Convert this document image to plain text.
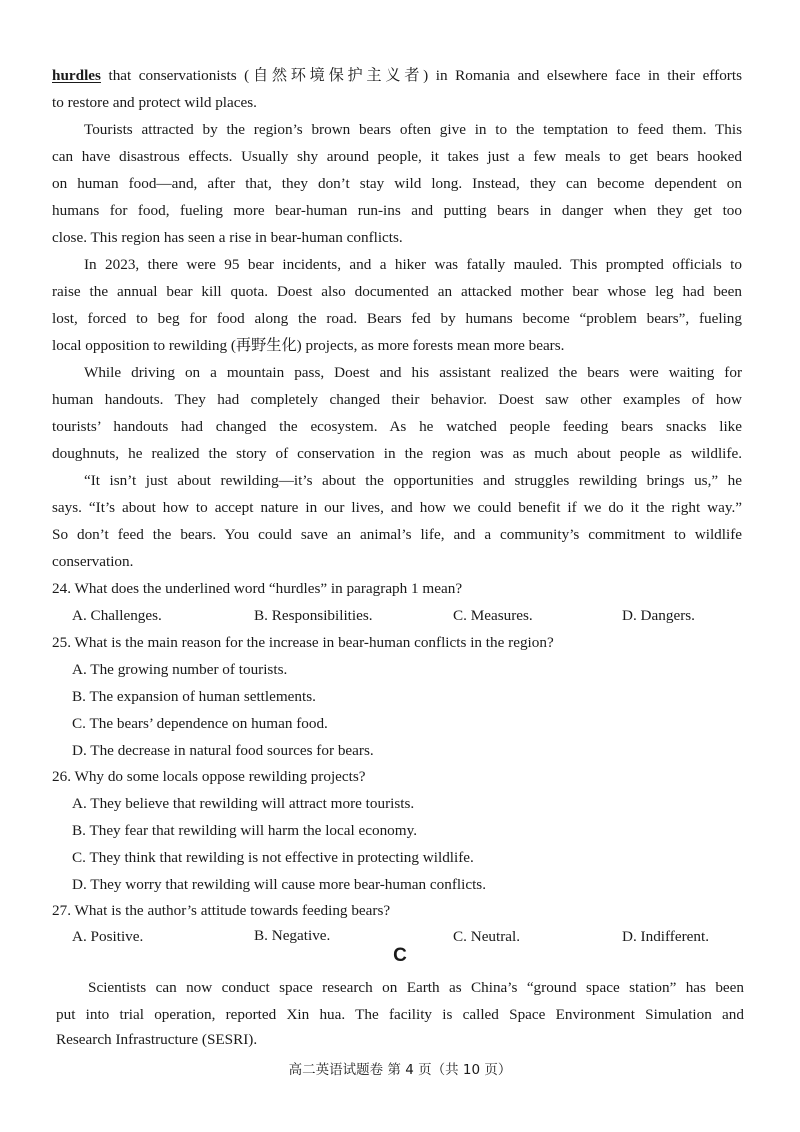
hurdles that conservationists (自然环境保护主义者) in Romania and elsewhere face in their efforts
to restore and protect wild places.
Tourists attracted by the region’s brown bears often give in to the temptation to feed them. This
can have disastrous effects. Usually shy around people, it takes just a few meals to get bears hooked
on human food—and, after that, they don’t stay wild long. Instead, they can become dependent on
humans for food, fueling more bear-human run-ins and putting bears in danger when they get too
close. This region has seen a rise in bear-human conflicts.
In 2023, there were 95 bear incidents, and a hiker was fatally mauled. This prompted officials to
raise the annual bear kill quota. Doest also documented an attacked mother bear whose leg had been
lost, forced to beg for food along the road. Bears fed by humans become “problem bears”, fueling
local opposition to rewilding (再野生化) projects, as more forests mean more bears.
While driving on a mountain pass, Doest and his assistant realized the bears were waiting for
human handouts. They had completely changed their behavior. Doest saw other examples of how
tourists’ handouts had changed the ecosystem. As he watched people feeding bears snacks like
doughnuts, he realized the story of conservation in the region was as much about people as wildlife.
“It isn’t just about rewilding—it’s about the opportunities and struggles rewilding brings us,” he
says. “It’s about how to accept nature in our lives, and how we could benefit if we do it the right way.”
So don’t feed the bears. You could save an animal’s life, and a community’s commitment to wildlife
conservation.
24. What does the underlined word “hurdles” in paragraph 1 mean?
A. Challenges.	B. Responsibilities.	C. Measures.	D. Dangers.
25. What is the main reason for the increase in bear-human conflicts in the region?
A. The growing number of tourists.
B. The expansion of human settlements.
C. The bears’ dependence on human food.
D. The decrease in natural food sources for bears.
26. Why do some locals oppose rewilding projects?
A. They believe that rewilding will attract more tourists.
B. They fear that rewilding will harm the local economy.
C. They think that rewilding is not effective in protecting wildlife.
D. They worry that rewilding will cause more bear-human conflicts.
27. What is the author’s attitude towards feeding bears?
A. Positive.	B. Negative.	C. Neutral.	D. Indifferent.
C
Scientists can now conduct space research on Earth as China’s “ground space station” has been
put into trial operation, reported Xin hua. The facility is called Space Environment Simulation and
Research Infrastructure (SESRI).
高二英语试题卷 第 4 页（共 10 页）
